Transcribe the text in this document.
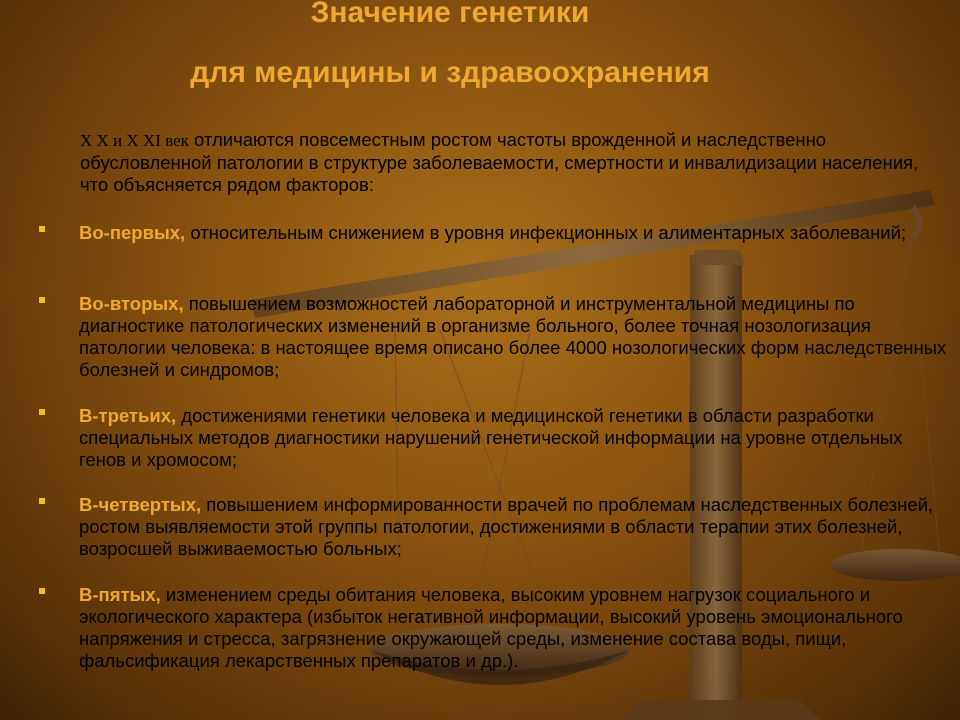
Значение генетики
для медицины и здравоохранения

X X и X XI век отличаются повсеместным ростом частоты врожденной и наследственно обусловленной патологии в структуре заболеваемости, смертности и инвалидизации населения, что объясняется рядом факторов:

Во-первых, относительным снижением в уровня инфекционных и алиментарных заболеваний;

Во-вторых, повышением возможностей лабораторной и инструментальной медицины по диагностике патологических изменений в организме больного, более точная нозологизация патологии человека: в настоящее время описано более 4000 нозологических форм наследственных болезней и синдромов;

В-третьих, достижениями генетики человека и медицинской генетики в области разработки специальных методов диагностики нарушений генетической информации на уровне отдельных генов и хромосом;

В-четвертых, повышением информированности врачей по проблемам наследственных болезней, ростом выявляемости этой группы патологии, достижениями в области терапии этих болезней, возросшей выживаемостью больных;

В-пятых, изменением среды обитания человека, высоким уровнем нагрузок социального и экологического характера (избыток негативной информации, высокий уровень эмоционального напряжения и стресса, загрязнение окружающей среды, изменение состава воды, пищи, фальсификация лекарственных препаратов и др.).
